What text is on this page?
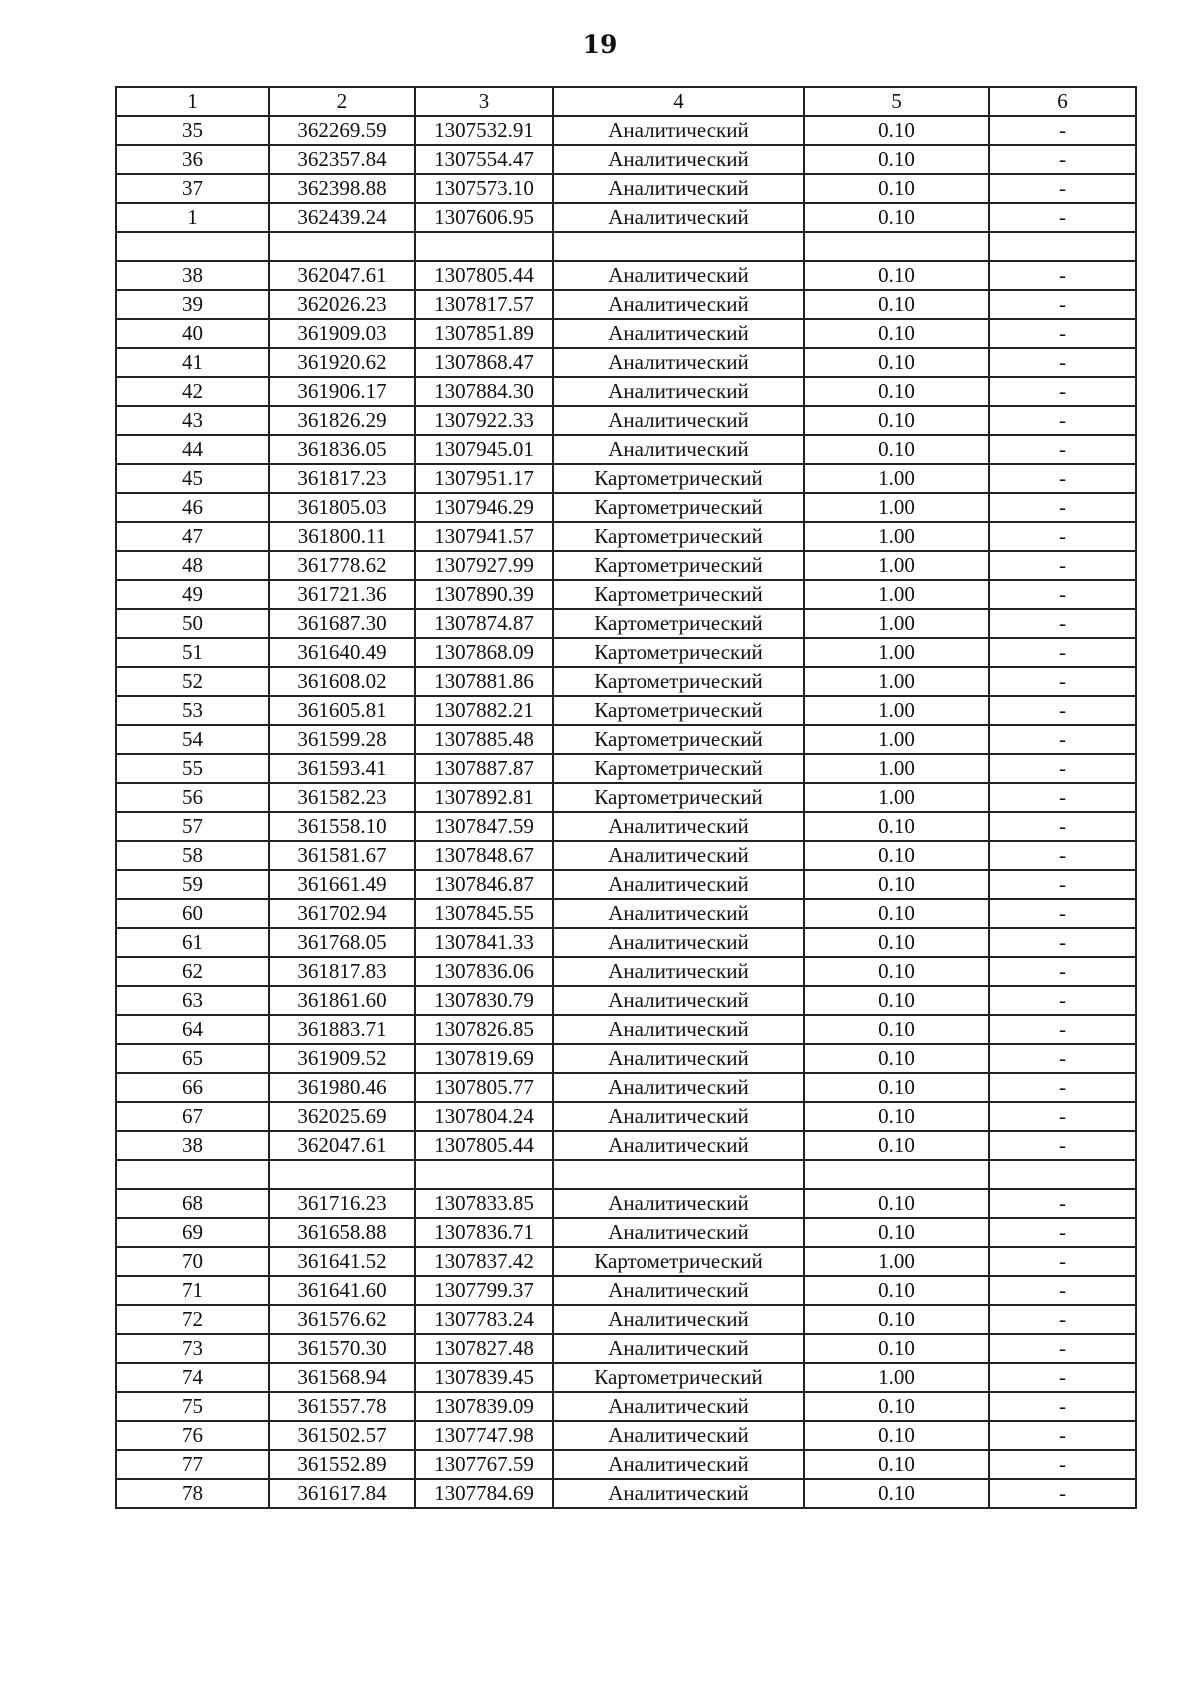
19
1	2	3	4	5	6
35	362269.59	1307532.91	Аналитический	0.10	-
36	362357.84	1307554.47	Аналитический	0.10	-
37	362398.88	1307573.10	Аналитический	0.10	-
1	362439.24	1307606.95	Аналитический	0.10	-

38	362047.61	1307805.44	Аналитический	0.10	-
39	362026.23	1307817.57	Аналитический	0.10	-
40	361909.03	1307851.89	Аналитический	0.10	-
41	361920.62	1307868.47	Аналитический	0.10	-
42	361906.17	1307884.30	Аналитический	0.10	-
43	361826.29	1307922.33	Аналитический	0.10	-
44	361836.05	1307945.01	Аналитический	0.10	-
45	361817.23	1307951.17	Картометрический	1.00	-
46	361805.03	1307946.29	Картометрический	1.00	-
47	361800.11	1307941.57	Картометрический	1.00	-
48	361778.62	1307927.99	Картометрический	1.00	-
49	361721.36	1307890.39	Картометрический	1.00	-
50	361687.30	1307874.87	Картометрический	1.00	-
51	361640.49	1307868.09	Картометрический	1.00	-
52	361608.02	1307881.86	Картометрический	1.00	-
53	361605.81	1307882.21	Картометрический	1.00	-
54	361599.28	1307885.48	Картометрический	1.00	-
55	361593.41	1307887.87	Картометрический	1.00	-
56	361582.23	1307892.81	Картометрический	1.00	-
57	361558.10	1307847.59	Аналитический	0.10	-
58	361581.67	1307848.67	Аналитический	0.10	-
59	361661.49	1307846.87	Аналитический	0.10	-
60	361702.94	1307845.55	Аналитический	0.10	-
61	361768.05	1307841.33	Аналитический	0.10	-
62	361817.83	1307836.06	Аналитический	0.10	-
63	361861.60	1307830.79	Аналитический	0.10	-
64	361883.71	1307826.85	Аналитический	0.10	-
65	361909.52	1307819.69	Аналитический	0.10	-
66	361980.46	1307805.77	Аналитический	0.10	-
67	362025.69	1307804.24	Аналитический	0.10	-
38	362047.61	1307805.44	Аналитический	0.10	-

68	361716.23	1307833.85	Аналитический	0.10	-
69	361658.88	1307836.71	Аналитический	0.10	-
70	361641.52	1307837.42	Картометрический	1.00	-
71	361641.60	1307799.37	Аналитический	0.10	-
72	361576.62	1307783.24	Аналитический	0.10	-
73	361570.30	1307827.48	Аналитический	0.10	-
74	361568.94	1307839.45	Картометрический	1.00	-
75	361557.78	1307839.09	Аналитический	0.10	-
76	361502.57	1307747.98	Аналитический	0.10	-
77	361552.89	1307767.59	Аналитический	0.10	-
78	361617.84	1307784.69	Аналитический	0.10	-
